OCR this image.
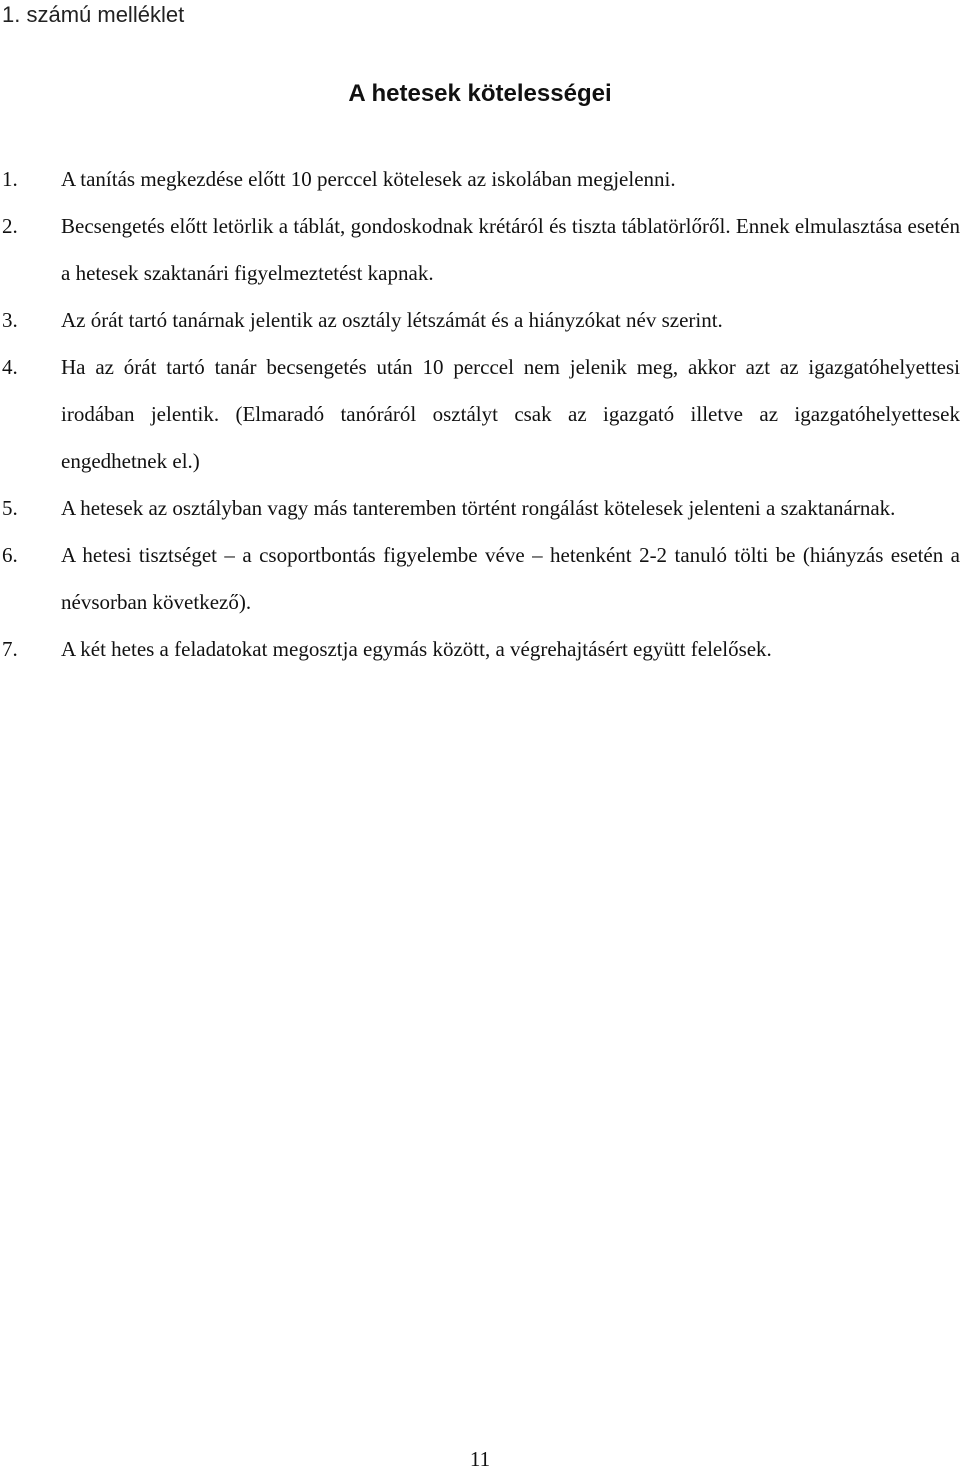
1. számú melléklet

A hetesek kötelességei
1. A tanítás megkezdése előtt 10 perccel kötelesek az iskolában megjelenni.
2. Becsengetés előtt letörlik a táblát, gondoskodnak krétáról és tiszta táblatörlőről. Ennek elmulasztása esetén a hetesek szaktanári figyelmeztetést kapnak.
3. Az órát tartó tanárnak jelentik az osztály létszámát és a hiányzókat név szerint.
4. Ha az órát tartó tanár becsengetés után 10 perccel nem jelenik meg, akkor azt az igazgatóhelyettesi irodában jelentik. (Elmaradó tanóráról osztályt csak az igazgató illetve az igazgatóhelyettesek engedhetnek el.)
5. A hetesek az osztályban vagy más tanteremben történt rongálást kötelesek jelenteni a szaktanárnak.
6. A hetesi tisztséget – a csoportbontás figyelembe véve – hetenként 2-2 tanuló tölti be (hiányzás esetén a névsorban következő).
7. A két hetes a feladatokat megosztja egymás között, a végrehajtásért együtt felelősek.

11
